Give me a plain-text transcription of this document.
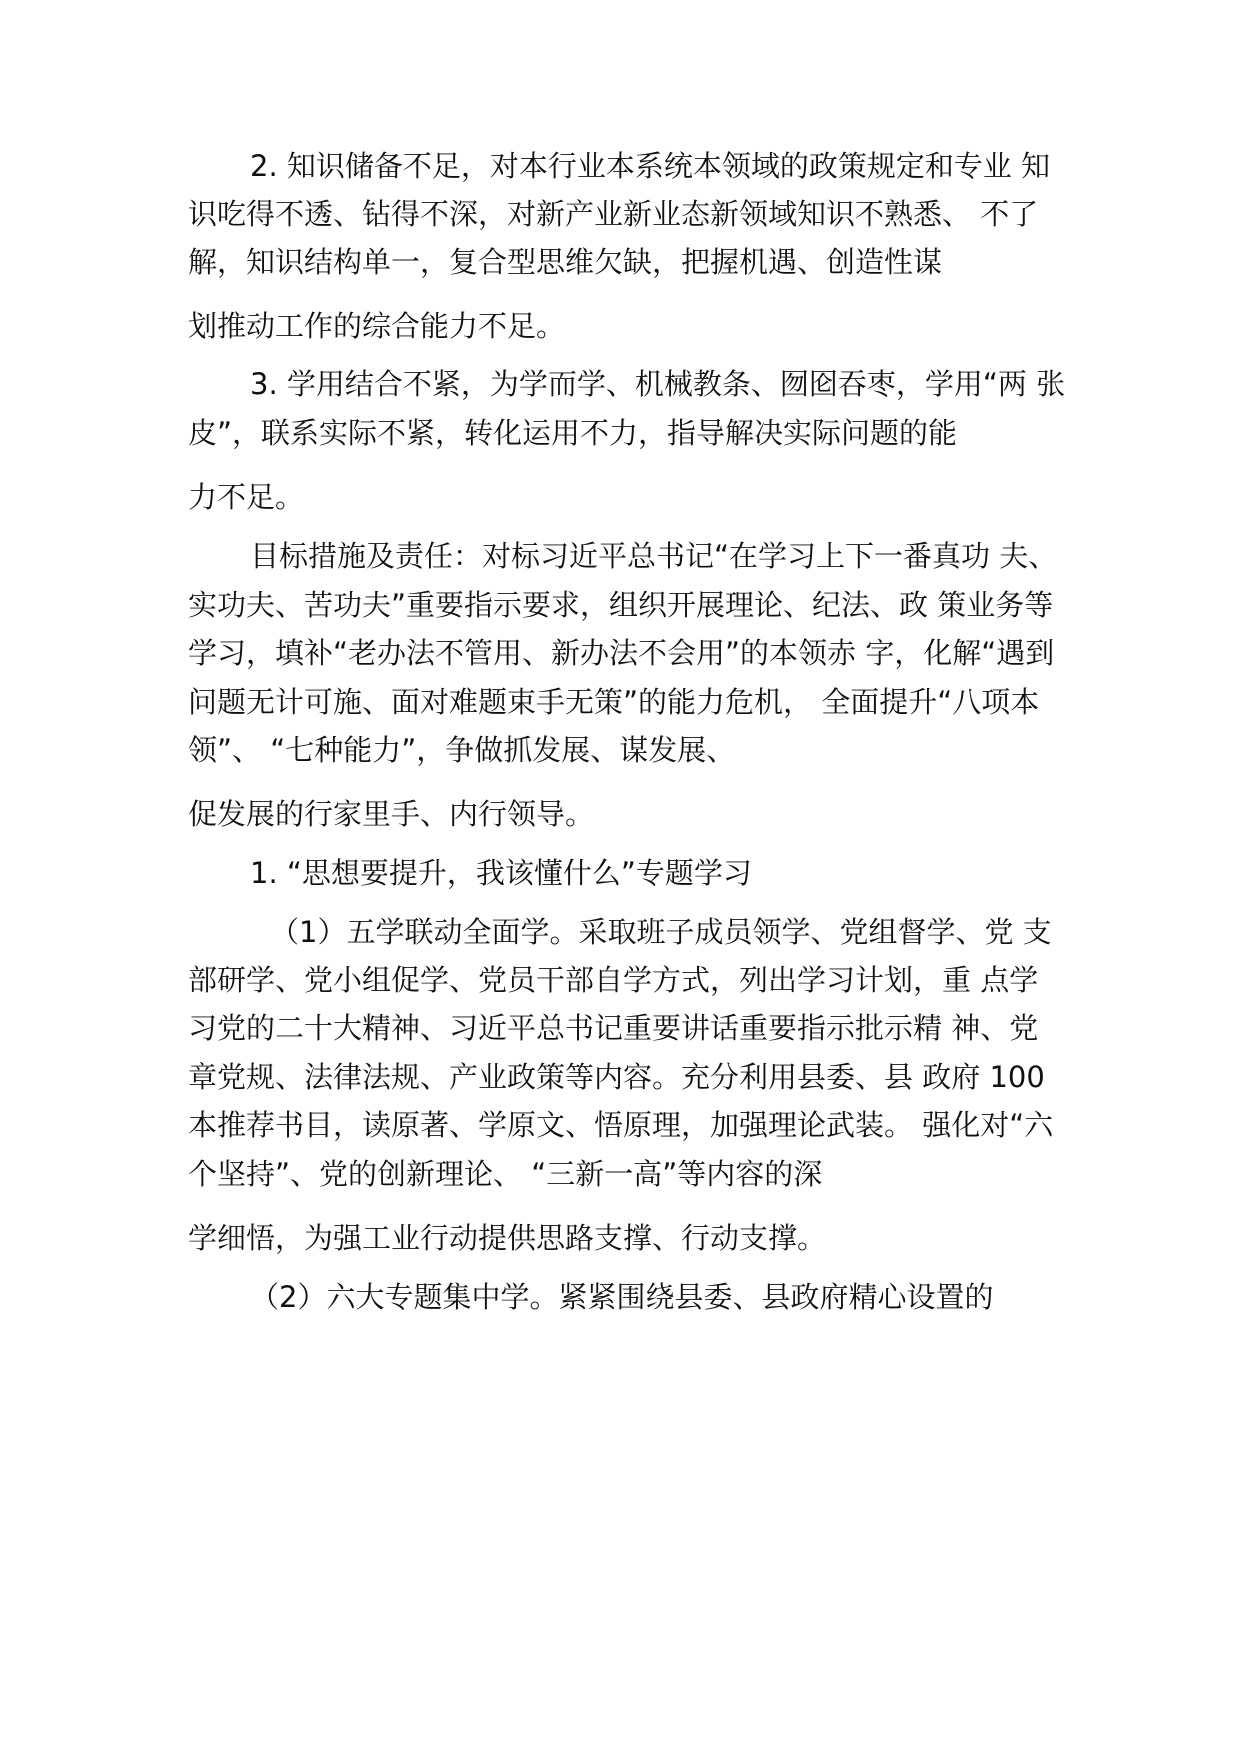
2. 知识储备不足，对本行业本系统本领域的政策规定和专业 知
识吃得不透、钻得不深，对新产业新业态新领域知识不熟悉、 不了
解，知识结构单一，复合型思维欠缺，把握机遇、创造性谋
划推动工作的综合能力不足。
3. 学用结合不紧，为学而学、机械教条、囫囵吞枣，学用“两 张
皮”，联系实际不紧，转化运用不力，指导解决实际问题的能
力不足。
目标措施及责任：对标习近平总书记“在学习上下一番真功 夫、
实功夫、苦功夫”重要指示要求，组织开展理论、纪法、政 策业务等
学习，填补“老办法不管用、新办法不会用”的本领赤 字，化解“遇到
问题无计可施、面对难题束手无策”的能力危机， 全面提升“八项本
领”、 “七种能力”，争做抓发展、谋发展、
促发展的行家里手、内行领导。
1. “思想要提升，我该懂什么”专题学习
（1）五学联动全面学。采取班子成员领学、党组督学、党 支
部研学、党小组促学、党员干部自学方式，列出学习计划，重 点学
习党的二十大精神、习近平总书记重要讲话重要指示批示精 神、党
章党规、法律法规、产业政策等内容。充分利用县委、县 政府 100
本推荐书目，读原著、学原文、悟原理，加强理论武装。 强化对“六
个坚持”、党的创新理论、 “三新一高”等内容的深
学细悟，为强工业行动提供思路支撑、行动支撑。
（2）六大专题集中学。紧紧围绕县委、县政府精心设置的
